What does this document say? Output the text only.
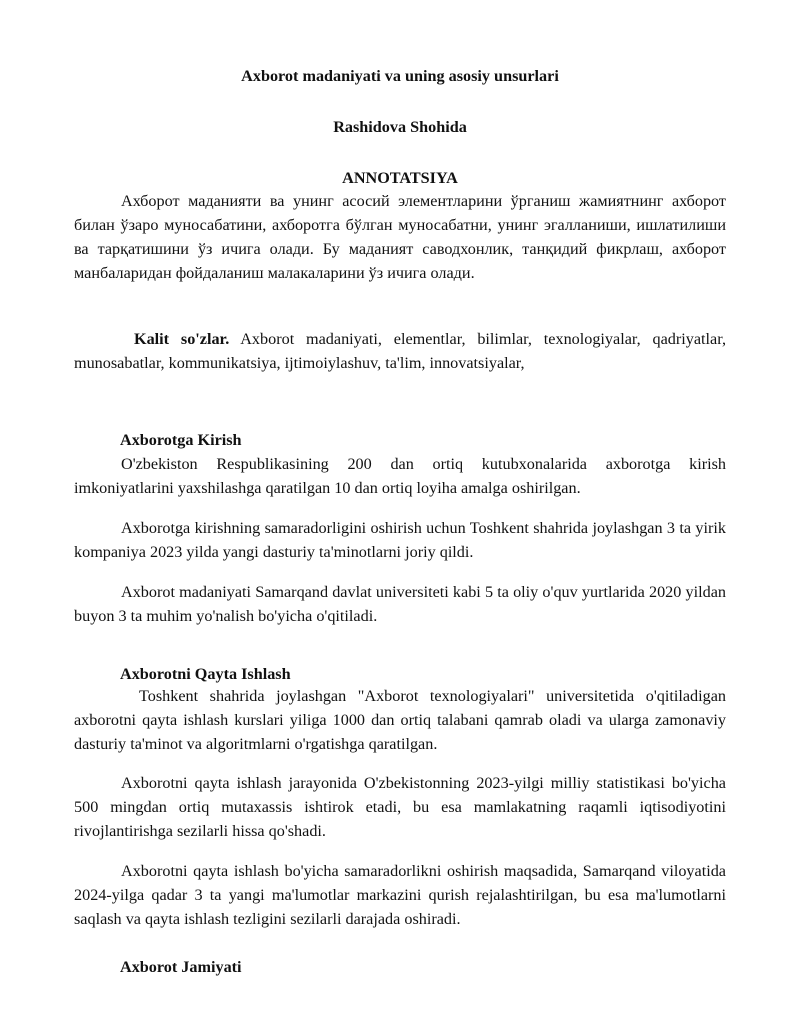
Axborot madaniyati va uning asosiy unsurlari

Rashidova Shohida

ANNOTATSIYA

Ахборот маданияти ва унинг асосий элементларини ўрганиш жамиятнинг ахборот билан ўзаро муносабатини, ахборотга бўлган муносабатни, унинг эгалланиши, ишлатилиши ва тарқатишини ўз ичига олади. Бу маданият саводхонлик, танқидий фикрлаш, ахборот манбаларидан фойдаланиш малакаларини ўз ичига олади.

Kalit so'zlar. Axborot madaniyati, elementlar, bilimlar, texnologiyalar, qadriyatlar, munosabatlar, kommunikatsiya, ijtimoiylashuv, ta'lim, innovatsiyalar,

Axborotga Kirish

O'zbekiston Respublikasining 200 dan ortiq kutubxonalarida axborotga kirish imkoniyatlarini yaxshilashga qaratilgan 10 dan ortiq loyiha amalga oshirilgan.

Axborotga kirishning samaradorligini oshirish uchun Toshkent shahrida joylashgan 3 ta yirik kompaniya 2023 yilda yangi dasturiy ta'minotlarni joriy qildi.

Axborot madaniyati Samarqand davlat universiteti kabi 5 ta oliy o'quv yurtlarida 2020 yildan buyon 3 ta muhim yo'nalish bo'yicha o'qitiladi.

Axborotni Qayta Ishlash

Toshkent shahrida joylashgan "Axborot texnologiyalari" universitetida o'qitiladigan axborotni qayta ishlash kurslari yiliga 1000 dan ortiq talabani qamrab oladi va ularga zamonaviy dasturiy ta'minot va algoritmlarni o'rgatishga qaratilgan.

Axborotni qayta ishlash jarayonida O'zbekistonning 2023-yilgi milliy statistikasi bo'yicha 500 mingdan ortiq mutaxassis ishtirok etadi, bu esa mamlakatning raqamli iqtisodiyotini rivojlantirishga sezilarli hissa qo'shadi.

Axborotni qayta ishlash bo'yicha samaradorlikni oshirish maqsadida, Samarqand viloyatida 2024-yilga qadar 3 ta yangi ma'lumotlar markazini qurish rejalashtirilgan, bu esa ma'lumotlarni saqlash va qayta ishlash tezligini sezilarli darajada oshiradi.

Axborot Jamiyati
